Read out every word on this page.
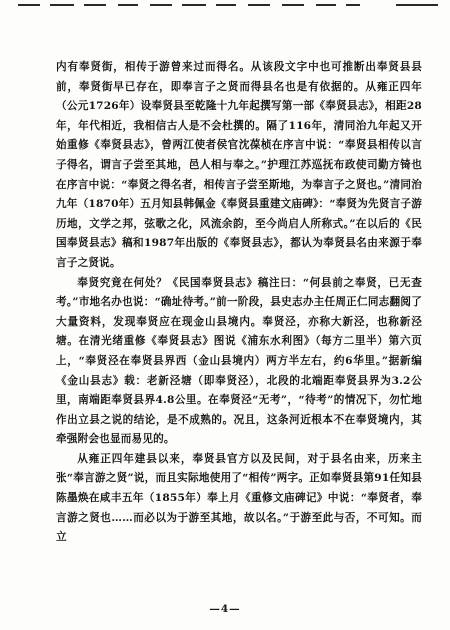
内有奉贤街，相传于游曾来过而得名。从该段文字中也可推断出奉贤县县前，奉贤街早已存在，即奉言子之贤而得县名也是有依据的。从雍正四年（公元1726年）设奉贤县至乾隆十九年起撰写第一部《奉贤县志》，相距28年，年代相近，我相信古人是不会杜撰的。隔了116年，清同治九年起又开始重修《奉贤县志》，曾两江使者侯官沈葆桢在序言中说：“奉贤县相传以言子得名，谓言子尝至其地，邑人相与奉之。”护理江苏巡抚布政使司勤方锜也在序言中说：“奉贤之得名者，相传言子尝至斯地，为奉言子之贤也。”清同治九年（1870年）五月知县韩佩金《奉贤县重建文庙碑》：“奉贤为先贤言子游历地，文学之邦，弦歌之化，风流余韵，至今尚启人所称式。”在以后的《民国奉贤县志》稿和1987年出版的《奉贤县志》，都认为奉贤县名由来源于奉言子之贤说。

奉贤究竟在何处？《民国奉贤县志》稿注曰：“何县前之奉贤，已无查考。”市地名办也说：“确址待考。”前一阶段，县史志办主任周正仁同志翻阅了大量资料，发现奉贤应在现金山县境内。奉贤泾，亦称大新泾，也称新泾塘。在清光绪重修《奉贤县志》图说《浦东水利图》（每方二里半）第六页上，“奉贤泾在奉贤县界西（金山县境内）两方半左右，约6华里。”据新编《金山县志》载：老新泾塘（即奉贤泾），北段的北端距奉贤县界为3.2公里，南端距奉贤县界4.8公里。在奉贤泾“无考”，“待考”的情况下，勿忙地作出立县之说的结论，是不成熟的。况且，这条河近根本不在奉贤境内，其牵强附会也显而易见的。

从雍正四年建县以来，奉贤县官方以及民间，对于县名由来，历来主张“奉言游之贤”说，而且实际地使用了“相传”两字。正如奉贤县第91任知县陈墨焕在咸丰五年（1855年）奉上月《重修文庙碑记》中说：“奉贤者，奉言游之贤也……而必以为于游至其地，故以名。”于游至此与否，不可知。而立

—4—
